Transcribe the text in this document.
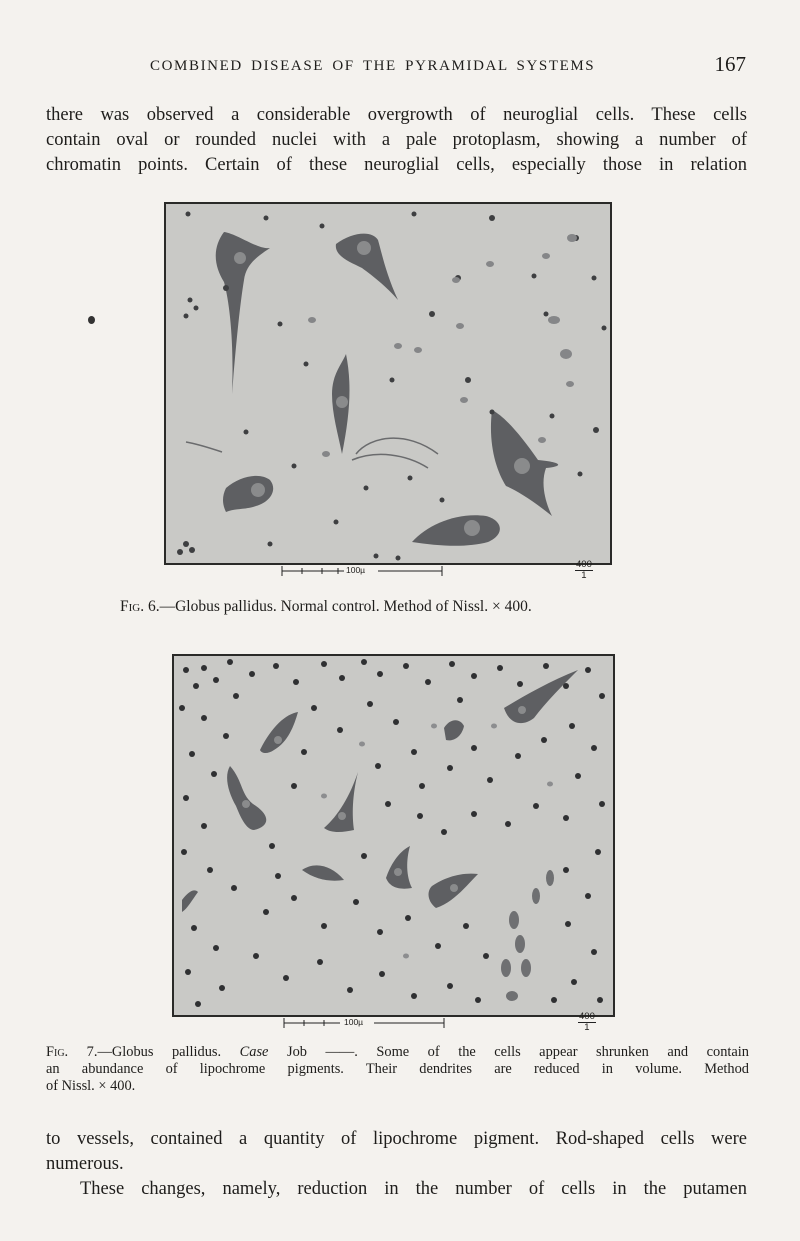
COMBINED DISEASE OF THE PYRAMIDAL SYSTEMS	167
there was observed a considerable overgrowth of neuroglial cells. These cells
contain oval or rounded nuclei with a pale protoplasm, showing a number of
chromatin points. Certain of these neuroglial cells, especially those in relation
100µ	$\frac{400}{1}$
Fig. 6.—Globus pallidus. Normal control. Method of Nissl. × 400.
100µ	$\frac{400}{1}$
Fig. 7.—Globus pallidus. Case Job ——. Some of the cells appear shrunken and contain
an abundance of lipochrome pigments. Their dendrites are reduced in volume. Method
of Nissl. × 400.
to vessels, contained a quantity of lipochrome pigment. Rod-shaped cells were
numerous.
These changes, namely, reduction in the number of cells in the putamen
